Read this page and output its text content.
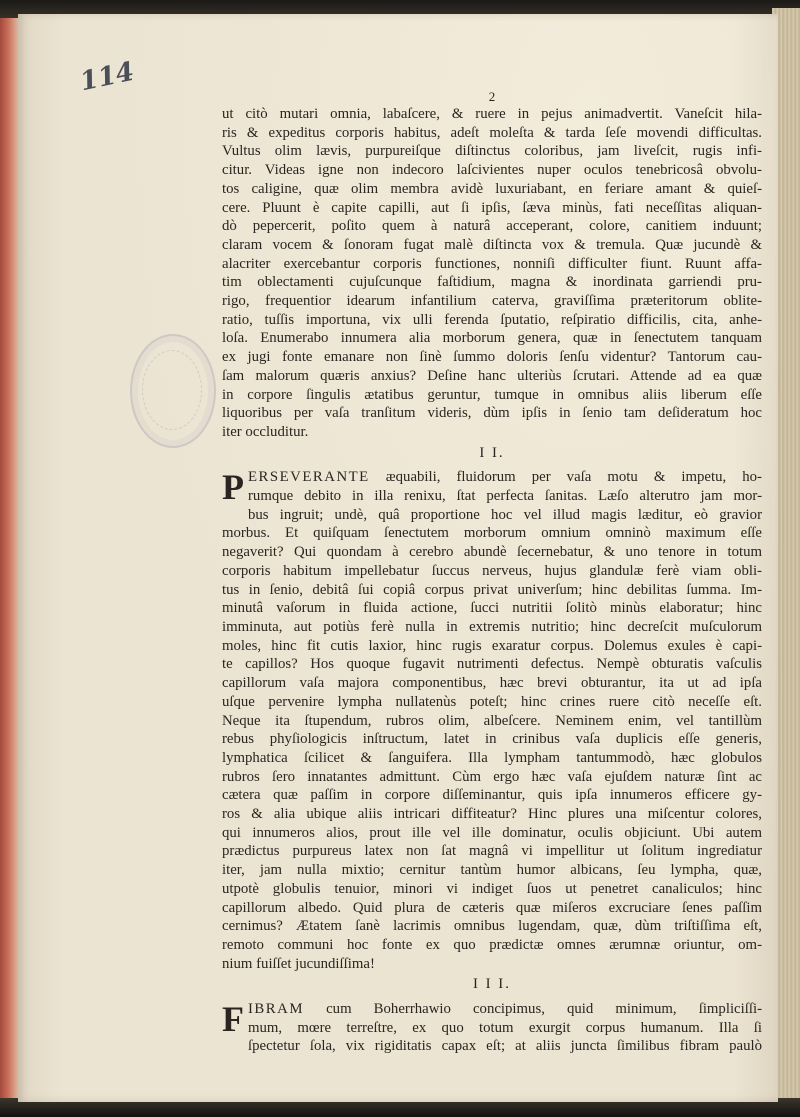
114	2
ut citò mutari omnia, labaſcere, & ruere in pejus animadvertit. Vaneſcit hila-
ris & expeditus corporis habitus, adeſt moleſta & tarda ſeſe movendi difficultas.
Vultus olim lævis, purpureiſque diſtinctus coloribus, jam liveſcit, rugis infi-
citur. Videas igne non indecoro laſcivientes nuper oculos tenebricosâ obvolu-
tos caligine, quæ olim membra avidè luxuriabant, en feriare amant & quieſ-
cere. Pluunt è capite capilli, aut ſi ipſis, ſæva minùs, fati neceſſitas aliquan-
dò pepercerit, poſito quem à naturâ acceperant, colore, canitiem induunt;
claram vocem & ſonoram fugat malè diſtincta vox & tremula. Quæ jucundè &
alacriter exercebantur corporis functiones, nonniſi difficulter fiunt. Ruunt affa-
tim oblectamenti cujuſcunque faſtidium, magna & inordinata garriendi pru-
rigo, frequentior idearum infantilium caterva, graviſſima præteritorum oblite-
ratio, tuſſis importuna, vix ulli ferenda ſputatio, reſpiratio difficilis, cita, anhe-
loſa. Enumerabo innumera alia morborum genera, quæ in ſenectutem tanquam
ex jugi fonte emanare non ſinè ſummo doloris ſenſu videntur? Tantorum cau-
ſam malorum quæris anxius? Deſine hanc ulteriùs ſcrutari. Attende ad ea quæ
in corpore ſingulis ætatibus geruntur, tumque in omnibus aliis liberum eſſe
liquoribus per vaſa tranſitum videris, dùm ipſis in ſenio tam deſideratum hoc
iter occluditur.
I I.
P ERSEVERANTE æquabili, fluidorum per vaſa motu & impetu, ho-
rumque debito in illa renixu, ſtat perfecta ſanitas. Læſo alterutro jam mor-
bus ingruit; undè, quâ proportione hoc vel illud magis læditur, eò gravior
morbus. Et quiſquam ſenectutem morborum omnium omninò maximum eſſe
negaverit? Qui quondam à cerebro abundè ſecernebatur, & uno tenore in totum
corporis habitum impellebatur ſuccus nerveus, hujus glandulæ ferè viam obli-
tus in ſenio, debitâ ſui copiâ corpus privat univerſum; hinc debilitas ſumma. Im-
minutâ vaſorum in fluida actione, ſucci nutritii ſolitò minùs elaboratur; hinc
imminuta, aut potiùs ferè nulla in extremis nutritio; hinc decreſcit muſculorum
moles, hinc fit cutis laxior, hinc rugis exaratur corpus. Dolemus exules è capi-
te capillos? Hos quoque fugavit nutrimenti defectus. Nempè obturatis vaſculis
capillorum vaſa majora componentibus, hæc brevi obturantur, ita ut ad ipſa
uſque pervenire lympha nullatenùs poteſt; hinc crines ruere citò neceſſe eſt.
Neque ita ſtupendum, rubros olim, albeſcere. Neminem enim, vel tantillùm
rebus phyſiologicis inſtructum, latet in crinibus vaſa duplicis eſſe generis,
lymphatica ſcilicet & ſanguifera. Illa lympham tantummodò, hæc globulos
rubros ſero innatantes admittunt. Cùm ergo hæc vaſa ejuſdem naturæ ſint ac
cætera quæ paſſim in corpore diſſeminantur, quis ipſa innumeros efficere gy-
ros & alia ubique aliis intricari diffiteatur? Hinc plures una miſcentur colores,
qui innumeros alios, prout ille vel ille dominatur, oculis objiciunt. Ubi autem
prædictus purpureus latex non ſat magnâ vi impellitur ut ſolitum ingrediatur
iter, jam nulla mixtio; cernitur tantùm humor albicans, ſeu lympha, quæ,
utpotè globulis tenuior, minori vi indiget ſuos ut penetret canaliculos; hinc
capillorum albedo. Quid plura de cæteris quæ miſeros excruciare ſenes paſſim
cernimus? Ætatem ſanè lacrimis omnibus lugendam, quæ, dùm triſtiſſima eſt,
remoto communi hoc fonte ex quo prædictæ omnes ærumnæ oriuntur, om-
nium fuiſſet jucundiſſima!
I I I.
F IBRAM cum Boherrhawio concipimus, quid minimum, ſimpliciſſi-
mum, mœre terreſtre, ex quo totum exurgit corpus humanum. Illa ſi
ſpectetur ſola, vix rigiditatis capax eſt; at aliis juncta ſimilibus fibram paulò
